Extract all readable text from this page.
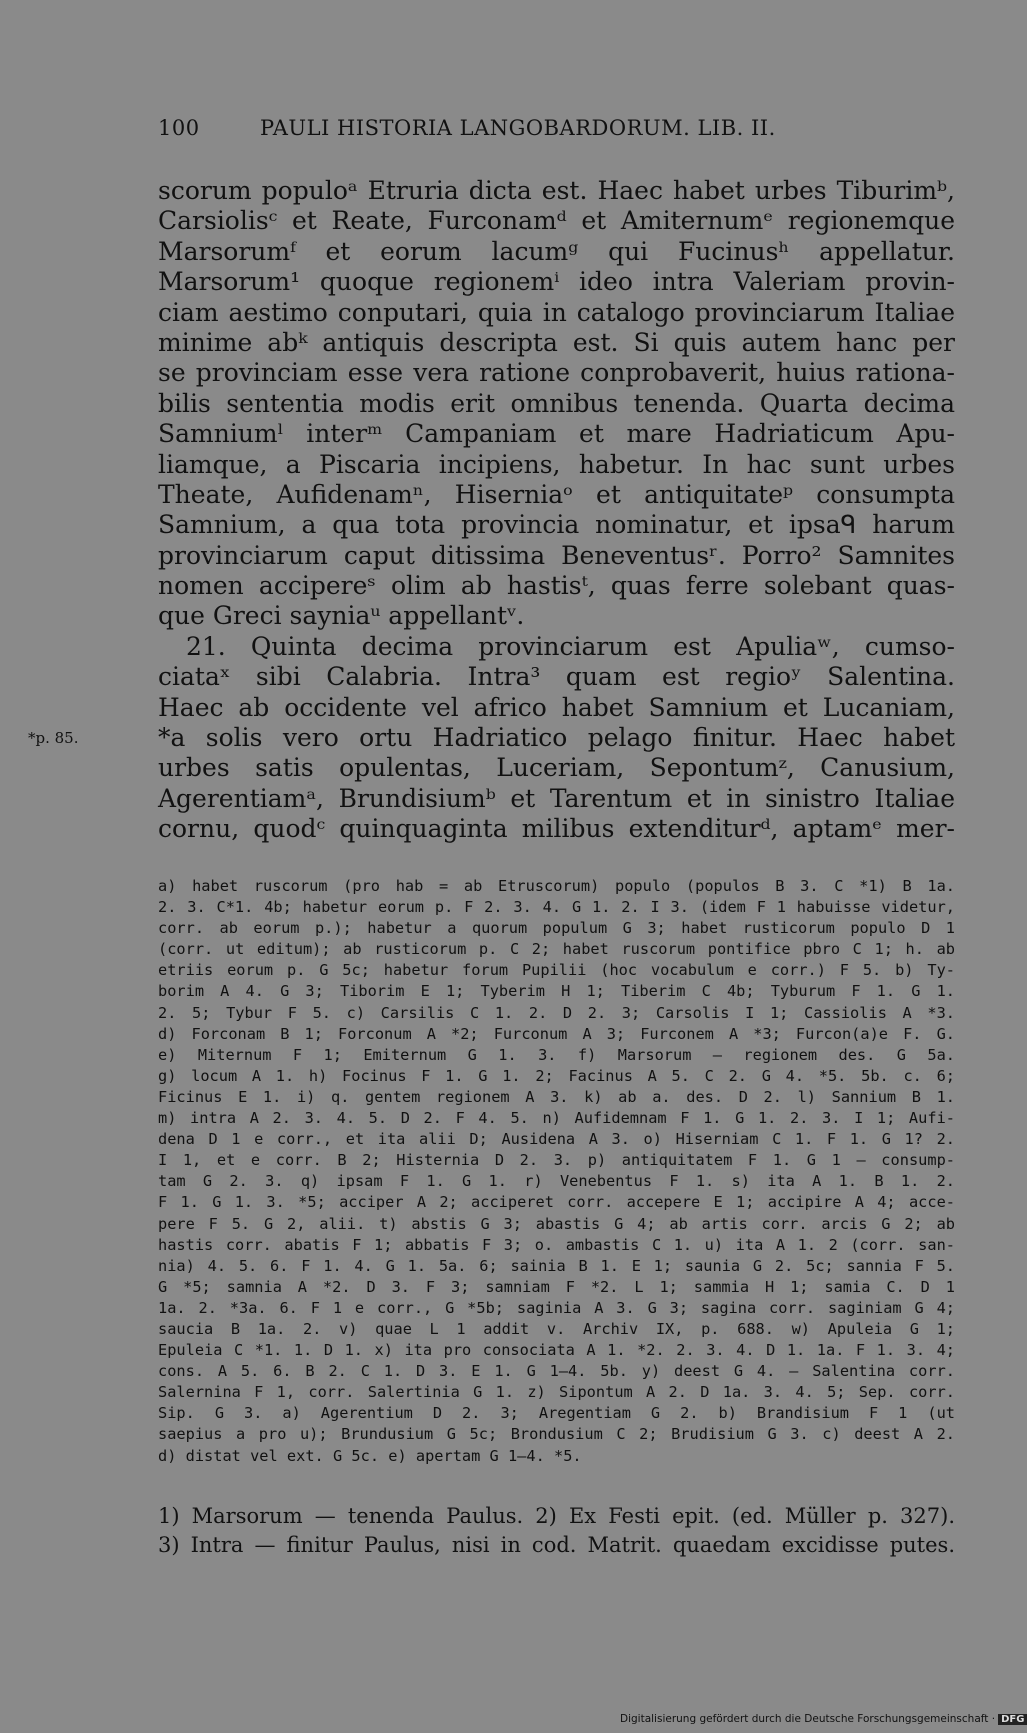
100	PAULI HISTORIA LANGOBARDORUM. LIB. II.
scorum populoᵃ Etruria dicta est. Haec habet urbes Tiburimᵇ,
Carsiolisᶜ et Reate, Furconamᵈ et Amiternumᵉ regionemque
Marsorumᶠ et eorum lacumᵍ qui Fucinusʰ appellatur.
Marsorum¹ quoque regionemⁱ ideo intra Valeriam provin-
ciam aestimo conputari, quia in catalogo provinciarum Italiae
minime abᵏ antiquis descripta est. Si quis autem hanc per
se provinciam esse vera ratione conprobaverit, huius rationa-
bilis sententia modis erit omnibus tenenda. Quarta decima
Samniumˡ interᵐ Campaniam et mare Hadriaticum Apu-
liamque, a Piscaria incipiens, habetur. In hac sunt urbes
Theate, Aufidenamⁿ, Hiserniaᵒ et antiquitateᵖ consumpta
Samnium, a qua tota provincia nominatur, et ipsaᑫ harum
provinciarum caput ditissima Beneventusʳ. Porro² Samnites
nomen accipereˢ olim ab hastisᵗ, quas ferre solebant quas-
que Greci sayniaᵘ appellantᵛ.
21. Quinta decima provinciarum est Apuliaʷ, cumso-
ciataˣ sibi Calabria. Intra³ quam est regioʸ Salentina.
Haec ab occidente vel africo habet Samnium et Lucaniam,
*p. 85.	*a solis vero ortu Hadriatico pelago finitur. Haec habet
urbes satis opulentas, Luceriam, Sepontumᶻ, Canusium,
Agerentiamᵃ, Brundisiumᵇ et Tarentum et in sinistro Italiae
cornu, quodᶜ quinquaginta milibus extenditurᵈ, aptamᵉ mer-
a) habet ruscorum (pro hab = ab Etruscorum) populo (populos B 3. C *1) B 1a.
2. 3. C*1. 4b; habetur eorum p. F 2. 3. 4. G 1. 2. I 3. (idem F 1 habuisse videtur,
corr. ab eorum p.); habetur a quorum populum G 3; habet rusticorum populo D 1
(corr. ut editum); ab rusticorum p. C 2; habet ruscorum pontifice pbro C 1; h. ab
etriis eorum p. G 5c; habetur forum Pupilii (hoc vocabulum e corr.) F 5. b) Ty-
borim A 4. G 3; Tiborim E 1; Tyberim H 1; Tiberim C 4b; Tyburum F 1. G 1.
2. 5; Tybur F 5. c) Carsilis C 1. 2. D 2. 3; Carsolis I 1; Cassiolis A *3.
d) Forconam B 1; Forconum A *2; Furconum A 3; Furconem A *3; Furcon(a)e F. G.
e) Miternum F 1; Emiternum G 1. 3. f) Marsorum — regionem des. G 5a.
g) locum A 1. h) Focinus F 1. G 1. 2; Facinus A 5. C 2. G 4. *5. 5b. c. 6;
Ficinus E 1. i) q. gentem regionem A 3. k) ab a. des. D 2. l) Sannium B 1.
m) intra A 2. 3. 4. 5. D 2. F 4. 5. n) Aufidemnam F 1. G 1. 2. 3. I 1; Aufi-
dena D 1 e corr., et ita alii D; Ausidena A 3. o) Hiserniam C 1. F 1. G 1? 2.
I 1, et e corr. B 2; Histernia D 2. 3. p) antiquitatem F 1. G 1 — consump-
tam G 2. 3. q) ipsam F 1. G 1. r) Venebentus F 1. s) ita A 1. B 1. 2.
F 1. G 1. 3. *5; acciper A 2; acciperet corr. accepere E 1; accipire A 4; acce-
pere F 5. G 2, alii. t) abstis G 3; abastis G 4; ab artis corr. arcis G 2; ab
hastis corr. abatis F 1; abbatis F 3; o. ambastis C 1. u) ita A 1. 2 (corr. san-
nia) 4. 5. 6. F 1. 4. G 1. 5a. 6; sainia B 1. E 1; saunia G 2. 5c; sannia F 5.
G *5; samnia A *2. D 3. F 3; samniam F *2. L 1; sammia H 1; samia C. D 1
1a. 2. *3a. 6. F 1 e corr., G *5b; saginia A 3. G 3; sagina corr. saginiam G 4;
saucia B 1a. 2. v) quae L 1 addit v. Archiv IX, p. 688. w) Apuleia G 1;
Epuleia C *1. 1. D 1. x) ita pro consociata A 1. *2. 2. 3. 4. D 1. 1a. F 1. 3. 4;
cons. A 5. 6. B 2. C 1. D 3. E 1. G 1—4. 5b. y) deest G 4. — Salentina corr.
Salernina F 1, corr. Salertinia G 1. z) Sipontum A 2. D 1a. 3. 4. 5; Sep. corr.
Sip. G 3. a) Agerentium D 2. 3; Aregentiam G 2. b) Brandisium F 1 (ut
saepius a pro u); Brundusium G 5c; Brondusium C 2; Brudisium G 3. c) deest A 2.
d) distat vel ext. G 5c. e) apertam G 1—4. *5.
1) Marsorum — tenenda Paulus. 2) Ex Festi epit. (ed. Müller p. 327).
3) Intra — finitur Paulus, nisi in cod. Matrit. quaedam excidisse putes.
Digitalisierung gefördert durch die Deutsche Forschungsgemeinschaft · DFG
